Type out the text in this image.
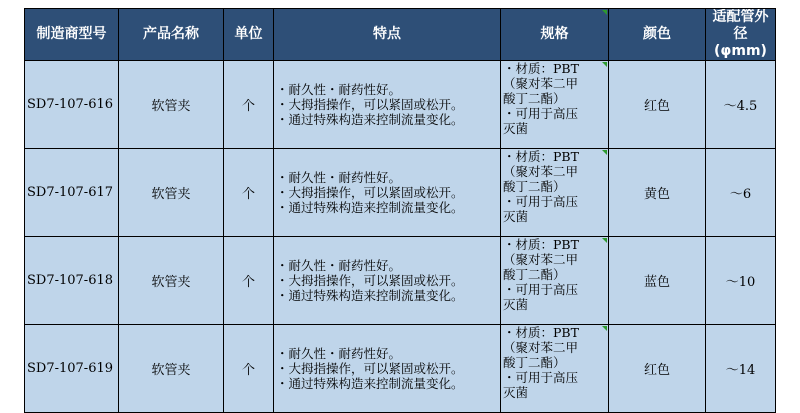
制造商型号	产品名称	单位	特点	规格	颜色	适配管外径(φmm)
SD7-107-616	软管夹	个	・耐久性・耐药性好。
・大拇指操作，可以紧固或松开。
・通过特殊构造来控制流量变化。	・材质：PBT
（聚对苯二甲
酸丁二酯）
・可用于高压
灭菌	红色	〜4.5
SD7-107-617	软管夹	个	・耐久性・耐药性好。
・大拇指操作，可以紧固或松开。
・通过特殊构造来控制流量变化。	・材质：PBT
（聚对苯二甲
酸丁二酯）
・可用于高压
灭菌	黄色	〜6
SD7-107-618	软管夹	个	・耐久性・耐药性好。
・大拇指操作，可以紧固或松开。
・通过特殊构造来控制流量变化。	・材质：PBT
（聚对苯二甲
酸丁二酯）
・可用于高压
灭菌	蓝色	〜10
SD7-107-619	软管夹	个	・耐久性・耐药性好。
・大拇指操作，可以紧固或松开。
・通过特殊构造来控制流量变化。	・材质：PBT
（聚对苯二甲
酸丁二酯）
・可用于高压
灭菌	红色	〜14
